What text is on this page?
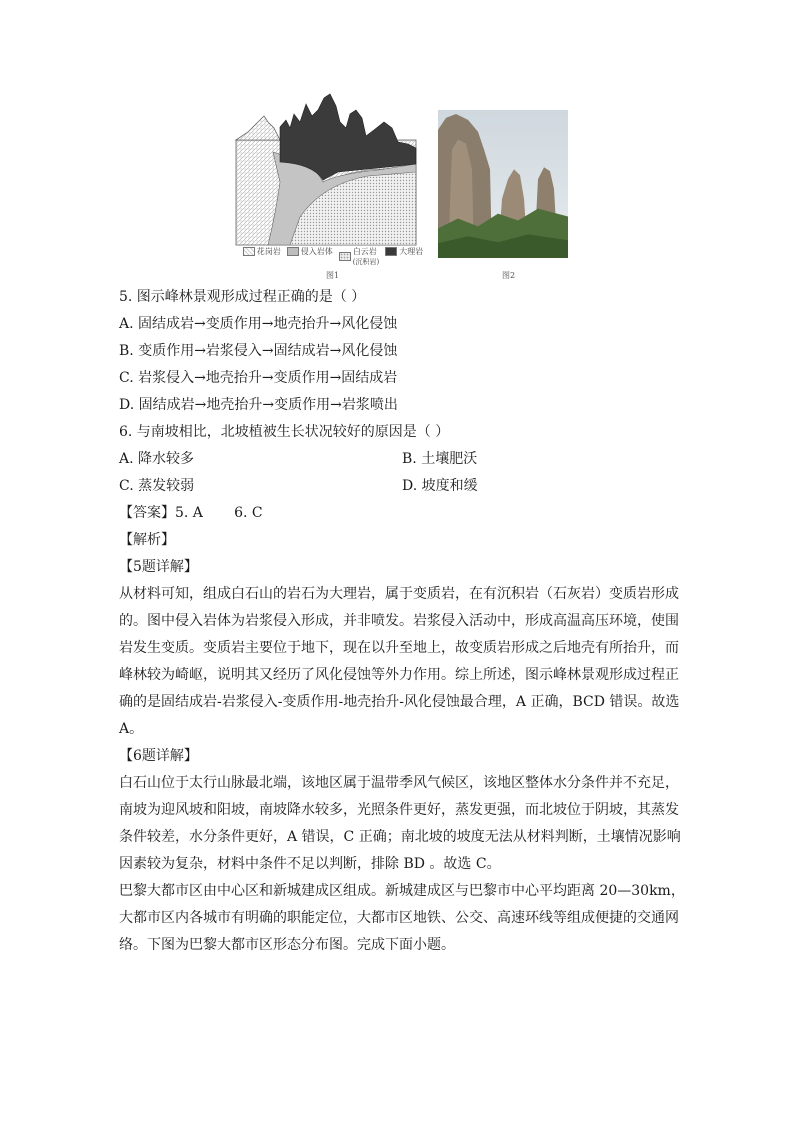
花岗岩	侵入岩体	白云岩
(沉积岩)
大理岩
图1	图2
5. 图示峰林景观形成过程正确的是（ ）
A. 固结成岩→变质作用→地壳抬升→风化侵蚀
B. 变质作用→岩浆侵入→固结成岩→风化侵蚀
C. 岩浆侵入→地壳抬升→变质作用→固结成岩
D. 固结成岩→地壳抬升→变质作用→岩浆喷出
6. 与南坡相比，北坡植被生长状况较好的原因是（ ）
A. 降水较多	B. 土壤肥沃
C. 蒸发较弱	D. 坡度和缓
【答案】5. A       6. C
【解析】
【5题详解】
从材料可知，组成白石山的岩石为大理岩，属于变质岩，在有沉积岩（石灰岩）变质岩形成
的。图中侵入岩体为岩浆侵入形成，并非喷发。岩浆侵入活动中，形成高温高压环境，使围
岩发生变质。变质岩主要位于地下，现在以升至地上，故变质岩形成之后地壳有所抬升，而
峰林较为崎岖，说明其又经历了风化侵蚀等外力作用。综上所述，图示峰林景观形成过程正
确的是固结成岩-岩浆侵入-变质作用-地壳抬升-风化侵蚀最合理，A 正确，BCD 错误。故选
A。
【6题详解】
白石山位于太行山脉最北端，该地区属于温带季风气候区，该地区整体水分条件并不充足，
南坡为迎风坡和阳坡，南坡降水较多，光照条件更好，蒸发更强，而北坡位于阴坡，其蒸发
条件较差，水分条件更好，A 错误，C 正确；南北坡的坡度无法从材料判断，土壤情况影响
因素较为复杂，材料中条件不足以判断，排除 BD 。故选 C。
巴黎大都市区由中心区和新城建成区组成。新城建成区与巴黎市中心平均距离 20—30km，
大都市区内各城市有明确的职能定位，大都市区地铁、公交、高速环线等组成便捷的交通网
络。下图为巴黎大都市区形态分布图。完成下面小题。
